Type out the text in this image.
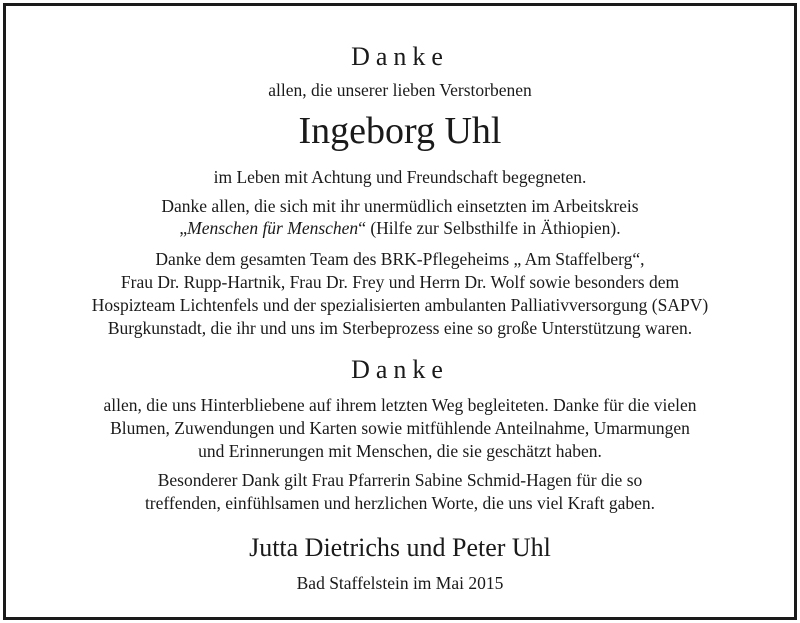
Danke
allen, die unserer lieben Verstorbenen
Ingeborg Uhl
im Leben mit Achtung und Freundschaft begegneten.
Danke allen, die sich mit ihr unermüdlich einsetzten im Arbeitskreis
„Menschen für Menschen“ (Hilfe zur Selbsthilfe in Äthiopien).
Danke dem gesamten Team des BRK-Pflegeheims „ Am Staffelberg“,
Frau Dr. Rupp-Hartnik, Frau Dr. Frey und Herrn Dr. Wolf sowie besonders dem
Hospizteam Lichtenfels und der spezialisierten ambulanten Palliativversorgung (SAPV)
Burgkunstadt, die ihr und uns im Sterbeprozess eine so große Unterstützung waren.
Danke
allen, die uns Hinterbliebene auf ihrem letzten Weg begleiteten. Danke für die vielen
Blumen, Zuwendungen und Karten sowie mitfühlende Anteilnahme, Umarmungen
und Erinnerungen mit Menschen, die sie geschätzt haben.
Besonderer Dank gilt Frau Pfarrerin Sabine Schmid-Hagen für die so
treffenden, einfühlsamen und herzlichen Worte, die uns viel Kraft gaben.
Jutta Dietrichs und Peter Uhl
Bad Staffelstein im Mai 2015
